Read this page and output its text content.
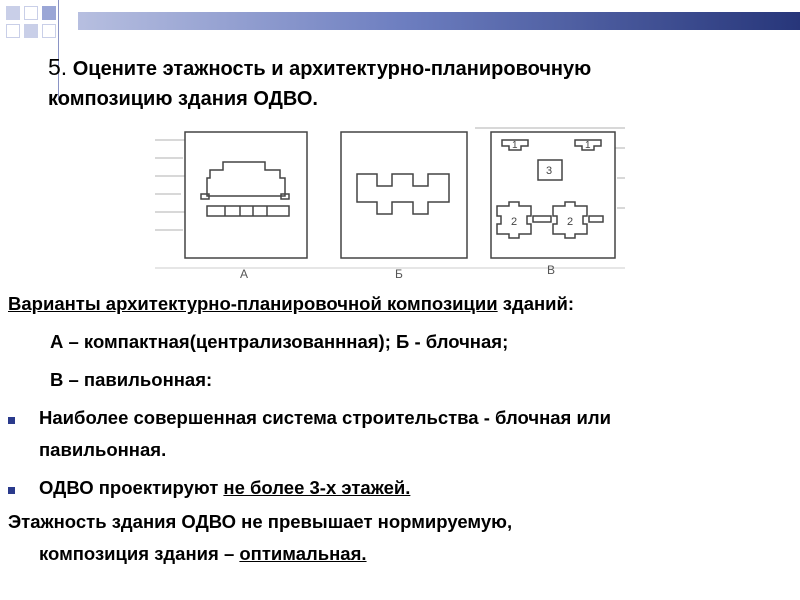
5. Оцените этажность и архитектурно-планировочную
композицию здания ОДВО.
А	Б	В
1	1
3
2	2
Варианты архитектурно-планировочной композиции зданий:
А – компактная(централизованнная); Б - блочная;
В – павильонная:
Наиболее совершенная система строительства - блочная или
павильонная.
ОДВО проектируют не более 3-х этажей.
Этажность здания ОДВО не превышает нормируемую,
композиция здания – оптимальная.
